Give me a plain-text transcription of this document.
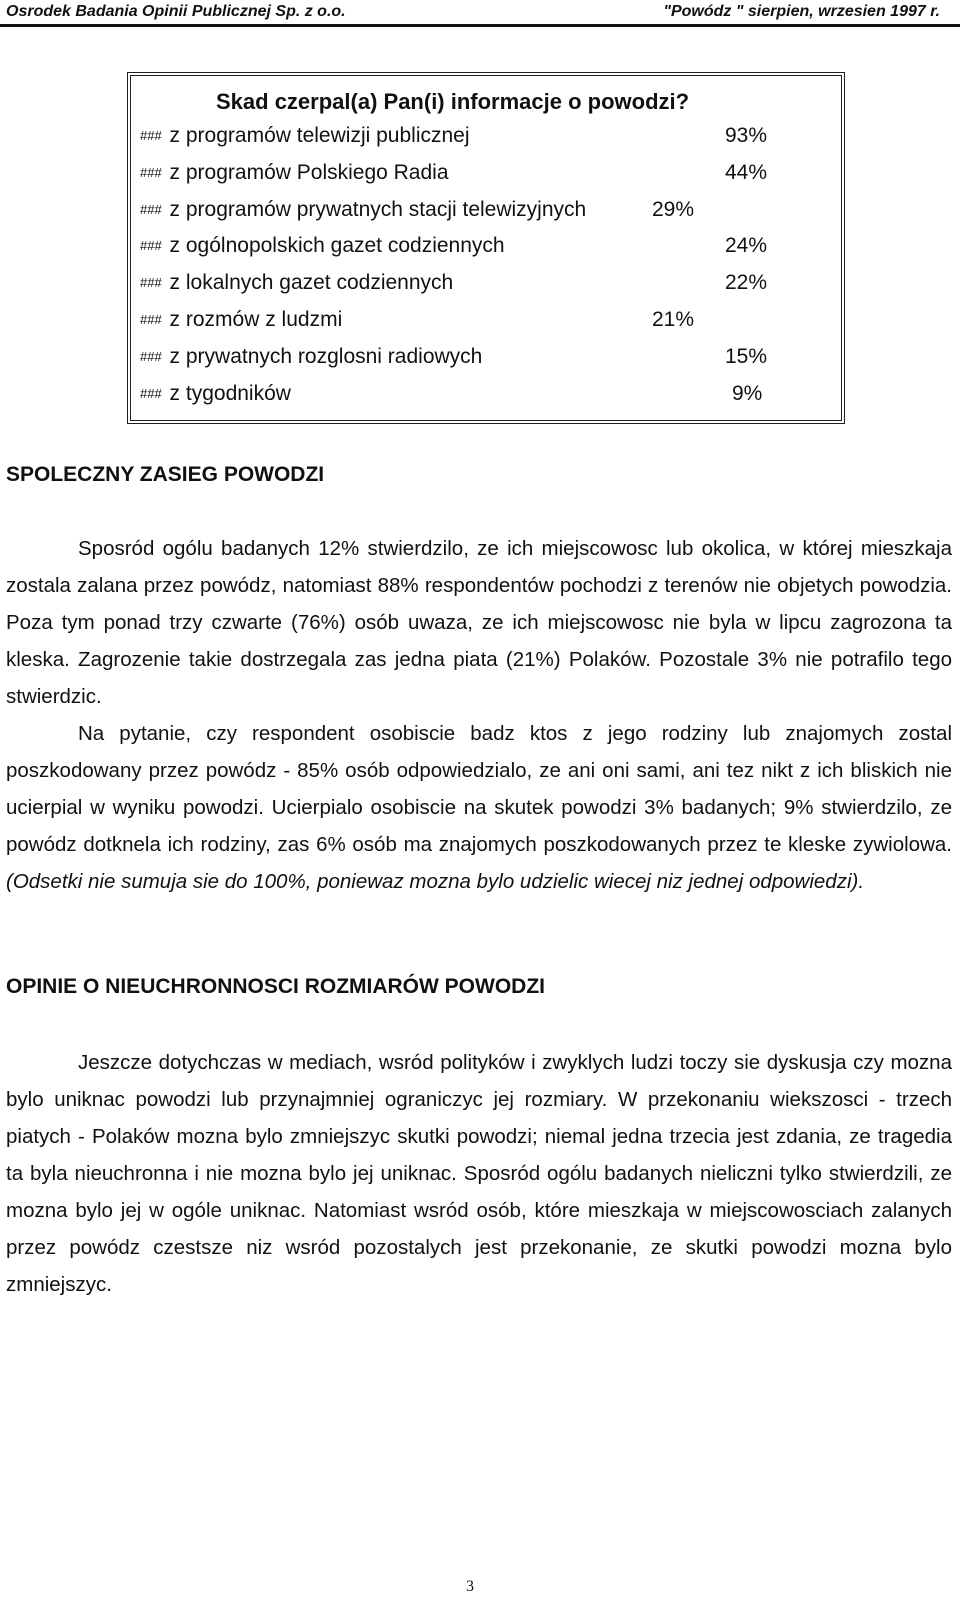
Osrodek Badania Opinii Publicznej Sp. z o.o.	"Powódz " sierpien, wrzesien 1997 r.
Skad czerpal(a) Pan(i) informacje o powodzi?
### z programów telewizji publicznej	93%
### z programów Polskiego Radia	44%
### z programów prywatnych stacji telewizyjnych	29%
### z ogólnopolskich gazet codziennych	24%
### z lokalnych gazet codziennych	22%
### z rozmów z ludzmi	21%
### z prywatnych rozglosni radiowych	15%
### z tygodników	9%
SPOLECZNY ZASIEG POWODZI

Sposród ogólu badanych 12% stwierdzilo, ze ich miejscowosc lub okolica, w której mieszkaja zostala zalana przez powódz, natomiast 88% respondentów pochodzi z terenów nie objetych powodzia. Poza tym ponad trzy czwarte (76%) osób uwaza, ze ich miejscowosc nie byla w lipcu zagrozona ta kleska. Zagrozenie takie dostrzegala zas jedna piata (21%) Polaków. Pozostale 3% nie potrafilo tego stwierdzic.

Na pytanie, czy respondent osobiscie badz ktos z jego rodziny lub znajomych zostal poszkodowany przez powódz - 85% osób odpowiedzialo, ze ani oni sami, ani tez nikt z ich bliskich nie ucierpial w wyniku powodzi. Ucierpialo osobiscie na skutek powodzi 3% badanych; 9% stwierdzilo, ze powódz dotknela ich rodziny, zas 6% osób ma znajomych poszkodowanych przez te kleske zywiolowa. (Odsetki nie sumuja sie do 100%, poniewaz mozna bylo udzielic wiecej niz jednej odpowiedzi).

OPINIE O NIEUCHRONNOSCI ROZMIARÓW POWODZI

Jeszcze dotychczas w mediach, wsród polityków i zwyklych ludzi toczy sie dyskusja czy mozna bylo uniknac powodzi lub przynajmniej ograniczyc jej rozmiary. W przekonaniu wiekszosci - trzech piatych - Polaków mozna bylo zmniejszyc skutki powodzi; niemal jedna trzecia jest zdania, ze tragedia ta byla nieuchronna i nie mozna bylo jej uniknac. Sposród ogólu badanych nieliczni tylko stwierdzili, ze mozna bylo jej w ogóle uniknac. Natomiast wsród osób, które mieszkaja w miejscowosciach zalanych przez powódz czestsze niz wsród pozostalych jest przekonanie, ze skutki powodzi mozna bylo zmniejszyc.

3
